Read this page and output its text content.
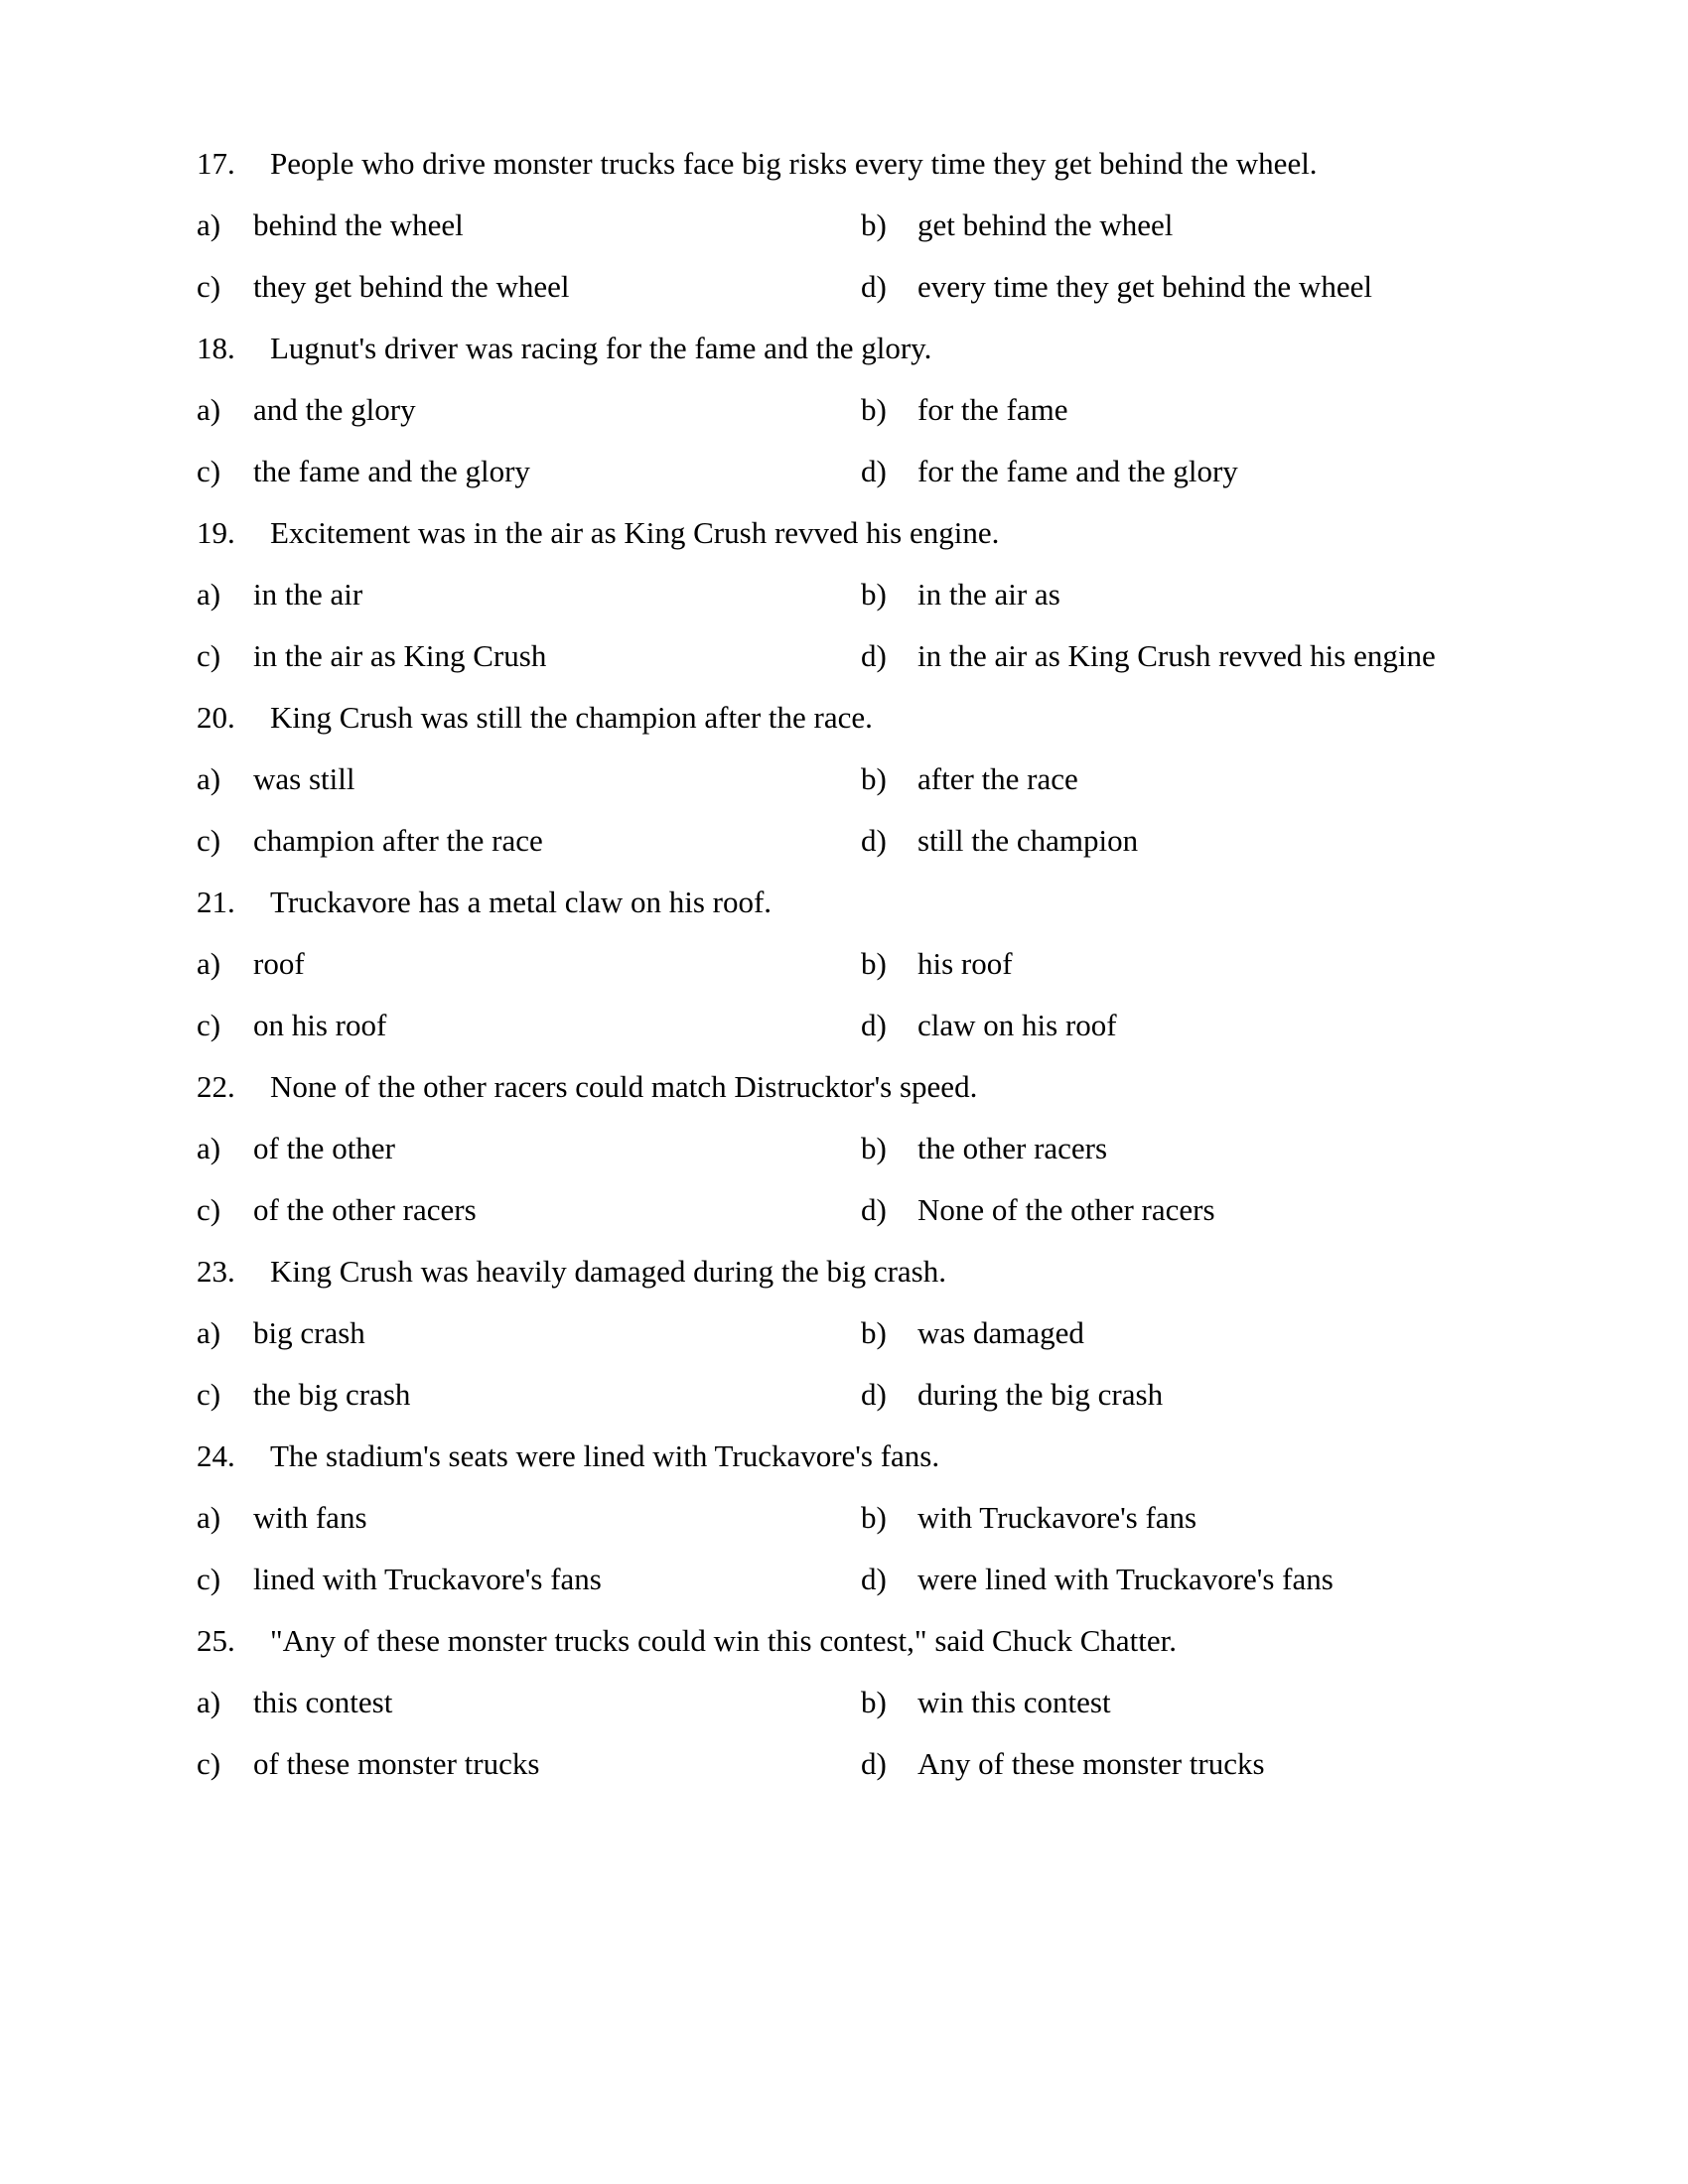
17.	People who drive monster trucks face big risks every time they get behind the wheel.
a)	behind the wheel	b)	get behind the wheel
c)	they get behind the wheel	d)	every time they get behind the wheel
18.	Lugnut's driver was racing for the fame and the glory.
a)	and the glory	b)	for the fame
c)	the fame and the glory	d)	for the fame and the glory
19.	Excitement was in the air as King Crush revved his engine.
a)	in the air	b)	in the air as
c)	in the air as King Crush	d)	in the air as King Crush revved his engine
20.	King Crush was still the champion after the race.
a)	was still	b)	after the race
c)	champion after the race	d)	still the champion
21.	Truckavore has a metal claw on his roof.
a)	roof	b)	his roof
c)	on his roof	d)	claw on his roof
22.	None of the other racers could match Distrucktor's speed.
a)	of the other	b)	the other racers
c)	of the other racers	d)	None of the other racers
23.	King Crush was heavily damaged during the big crash.
a)	big crash	b)	was damaged
c)	the big crash	d)	during the big crash
24.	The stadium's seats were lined with Truckavore's fans.
a)	with fans	b)	with Truckavore's fans
c)	lined with Truckavore's fans	d)	were lined with Truckavore's fans
25.	"Any of these monster trucks could win this contest," said Chuck Chatter.
a)	this contest	b)	win this contest
c)	of these monster trucks	d)	Any of these monster trucks
